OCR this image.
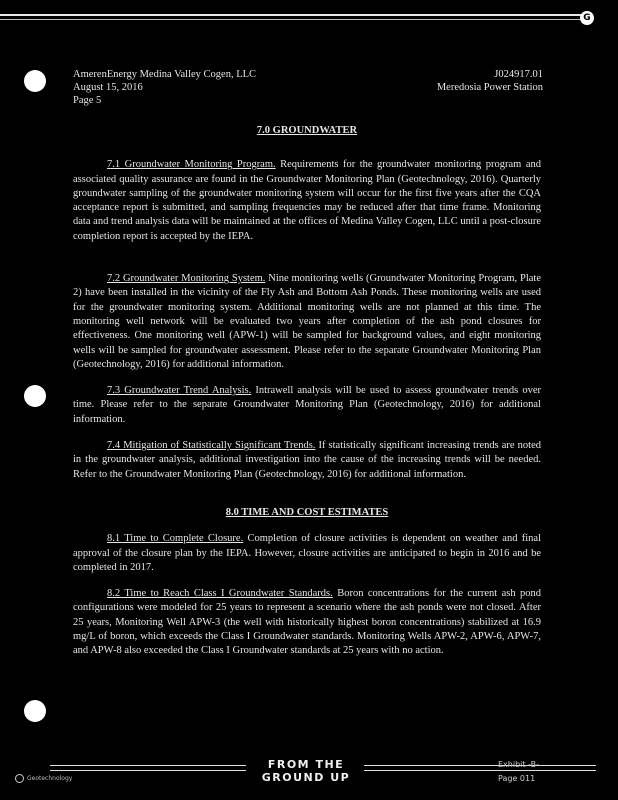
G
AmerenEnergy Medina Valley Cogen, LLC	J024917.01
August 15, 2016	Meredosia Power Station
Page 5
7.0 GROUNDWATER

7.1 Groundwater Monitoring Program. Requirements for the groundwater monitoring program and associated quality assurance are found in the Groundwater Monitoring Plan (Geotechnology, 2016). Quarterly groundwater sampling of the groundwater monitoring system will occur for the first five years after the CQA acceptance report is submitted, and sampling frequencies may be reduced after that time frame. Monitoring data and trend analysis data will be maintained at the offices of Medina Valley Cogen, LLC until a post-closure completion report is accepted by the IEPA.

7.2 Groundwater Monitoring System. Nine monitoring wells (Groundwater Monitoring Program, Plate 2) have been installed in the vicinity of the Fly Ash and Bottom Ash Ponds. These monitoring wells are used for the groundwater monitoring system. Additional monitoring wells are not planned at this time. The monitoring well network will be evaluated two years after completion of the ash pond closures for effectiveness. One monitoring well (APW-1) will be sampled for background values, and eight monitoring wells will be sampled for groundwater assessment. Please refer to the separate Groundwater Monitoring Plan (Geotechnology, 2016) for additional information.

7.3 Groundwater Trend Analysis. Intrawell analysis will be used to assess groundwater trends over time. Please refer to the separate Groundwater Monitoring Plan (Geotechnology, 2016) for additional information.

7.4 Mitigation of Statistically Significant Trends. If statistically significant increasing trends are noted in the groundwater analysis, additional investigation into the cause of the increasing trends will be needed. Refer to the Groundwater Monitoring Plan (Geotechnology, 2016) for additional information.

8.0 TIME AND COST ESTIMATES

8.1 Time to Complete Closure. Completion of closure activities is dependent on weather and final approval of the closure plan by the IEPA. However, closure activities are anticipated to begin in 2016 and be completed in 2017.

8.2 Time to Reach Class I Groundwater Standards. Boron concentrations for the current ash pond configurations were modeled for 25 years to represent a scenario where the ash ponds were not closed. After 25 years, Monitoring Well APW-3 (the well with historically highest boron concentrations) stabilized at 16.9 mg/L of boron, which exceeds the Class I Groundwater standards. Monitoring Wells APW-2, APW-6, APW-7, and APW-8 also exceeded the Class I Groundwater standards at 25 years with no action.

FROM THE GROUND UP
Exhibit -B-
Page 011
Geotechnology
